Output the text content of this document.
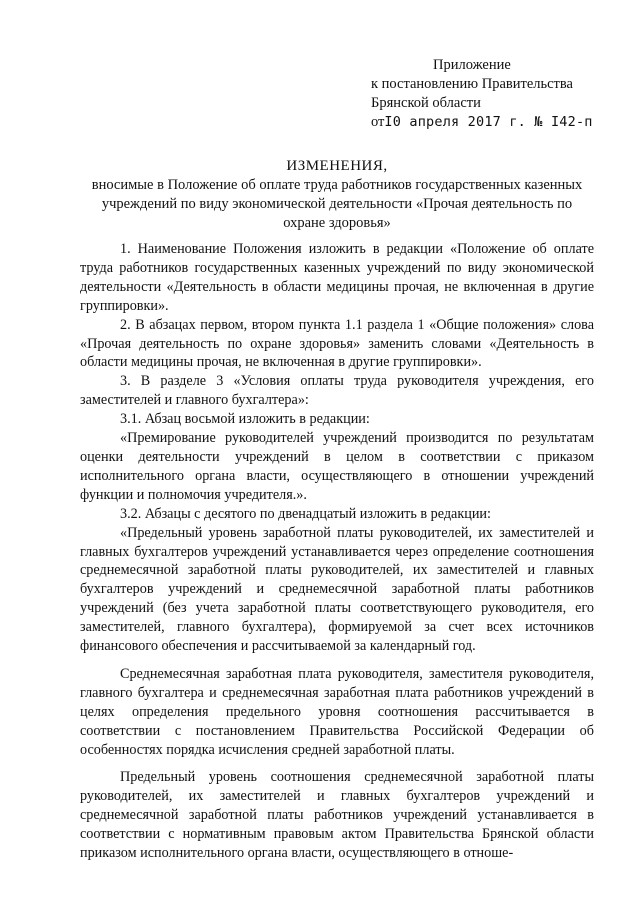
Приложение
к постановлению Правительства
Брянской области
отI0 апреля 2017 г. № I42-п
ИЗМЕНЕНИЯ,
вносимые в Положение об оплате труда работников государственных казенных учреждений по виду экономической деятельности «Прочая деятельность по охране здоровья»

1. Наименование Положения изложить в редакции «Положение об оплате труда работников государственных казенных учреждений по виду экономической деятельности «Деятельность в области медицины прочая, не включенная в другие группировки».

2. В абзацах первом, втором пункта 1.1 раздела 1 «Общие положения» слова «Прочая деятельность по охране здоровья» заменить словами «Деятельность в области медицины прочая, не включенная в другие группировки».

3. В разделе 3 «Условия оплаты труда руководителя учреждения, его заместителей и главного бухгалтера»:

3.1. Абзац восьмой изложить в редакции:

«Премирование руководителей учреждений производится по результатам оценки деятельности учреждений в целом в соответствии с приказом исполнительного органа власти, осуществляющего в отношении учреждений функции и полномочия учредителя.».

3.2. Абзацы с десятого по двенадцатый изложить в редакции:

«Предельный уровень заработной платы руководителей, их заместителей и главных бухгалтеров учреждений устанавливается через определение соотношения среднемесячной заработной платы руководителей, их заместителей и главных бухгалтеров учреждений и среднемесячной заработной платы работников учреждений (без учета заработной платы соответствующего руководителя, его заместителей, главного бухгалтера), формируемой за счет всех источников финансового обеспечения и рассчитываемой за календарный год.

Среднемесячная заработная плата руководителя, заместителя руководителя, главного бухгалтера и среднемесячная заработная плата работников учреждений в целях определения предельного уровня соотношения рассчитывается в соответствии с постановлением Правительства Российской Федерации об особенностях порядка исчисления средней заработной платы.

Предельный уровень соотношения среднемесячной заработной платы руководителей, их заместителей и главных бухгалтеров учреждений и среднемесячной заработной платы работников учреждений устанавливается в соответствии с нормативным правовым актом Правительства Брянской области приказом исполнительного органа власти, осуществляющего в отноше-
